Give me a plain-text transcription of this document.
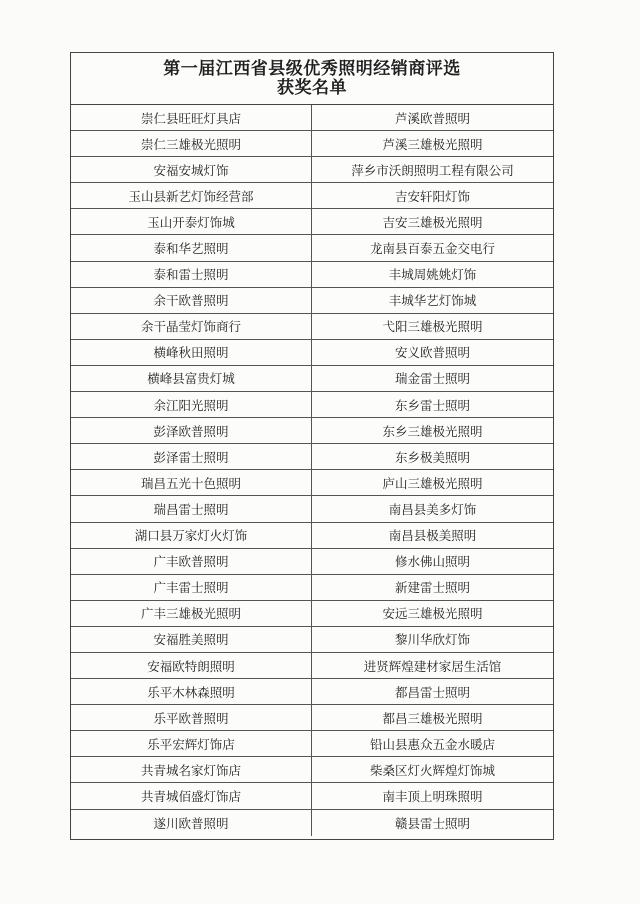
第一届江西省县级优秀照明经销商评选
获奖名单
崇仁县旺旺灯具店	芦溪欧普照明
崇仁三雄极光照明	芦溪三雄极光照明
安福安城灯饰	萍乡市沃朗照明工程有限公司
玉山县新艺灯饰经营部	吉安轩阳灯饰
玉山开泰灯饰城	吉安三雄极光照明
泰和华艺照明	龙南县百泰五金交电行
泰和雷士照明	丰城周姚姚灯饰
余干欧普照明	丰城华艺灯饰城
余干晶莹灯饰商行	弋阳三雄极光照明
横峰秋田照明	安义欧普照明
横峰县富贵灯城	瑞金雷士照明
余江阳光照明	东乡雷士照明
彭泽欧普照明	东乡三雄极光照明
彭泽雷士照明	东乡极美照明
瑞昌五光十色照明	庐山三雄极光照明
瑞昌雷士照明	南昌县美多灯饰
湖口县万家灯火灯饰	南昌县极美照明
广丰欧普照明	修水佛山照明
广丰雷士照明	新建雷士照明
广丰三雄极光照明	安远三雄极光照明
安福胜美照明	黎川华欣灯饰
安福欧特朗照明	进贤辉煌建材家居生活馆
乐平木林森照明	都昌雷士照明
乐平欧普照明	都昌三雄极光照明
乐平宏辉灯饰店	铅山县惠众五金水暖店
共青城名家灯饰店	柴桑区灯火辉煌灯饰城
共青城佰盛灯饰店	南丰顶上明珠照明
遂川欧普照明	赣县雷士照明
